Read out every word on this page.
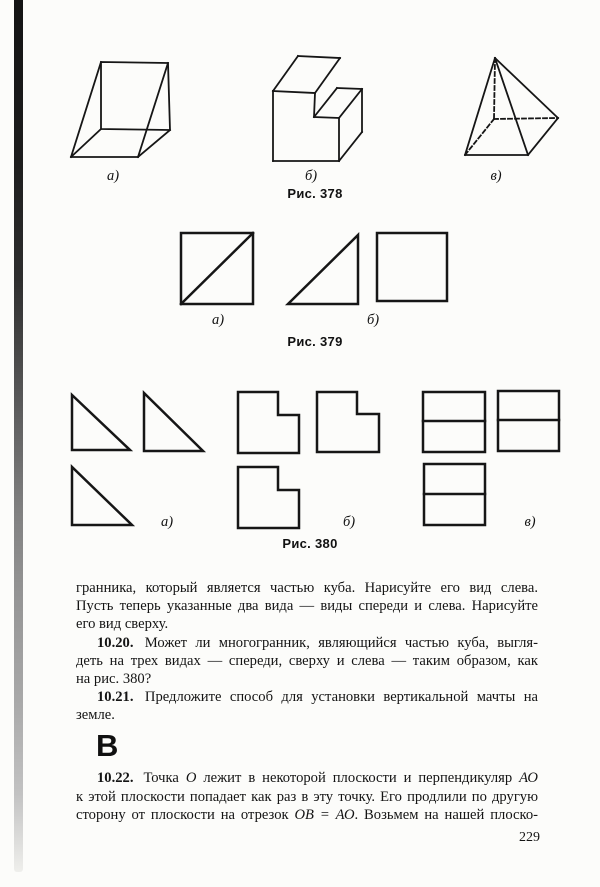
Рис. 378
а)	б)	в)
Рис. 379
а)	б)
Рис. 380
а)	б)	в)
гранника, который является частью куба. Нарисуйте его вид слева.
Пусть теперь указанные два вида — виды спереди и слева. Нарисуйте
его вид сверху.
10.20. Может ли многогранник, являющийся частью куба, выгля-
деть на трех видах — спереди, сверху и слева — таким образом, как
на рис. 380?
10.21. Предложите способ для установки вертикальной мачты на
земле.
В
10.22. Точка О лежит в некоторой плоскости и перпендикуляр АО
к этой плоскости попадает как раз в эту точку. Его продлили по другую
сторону от плоскости на отрезок ОВ = АО. Возьмем на нашей плоско-
229
